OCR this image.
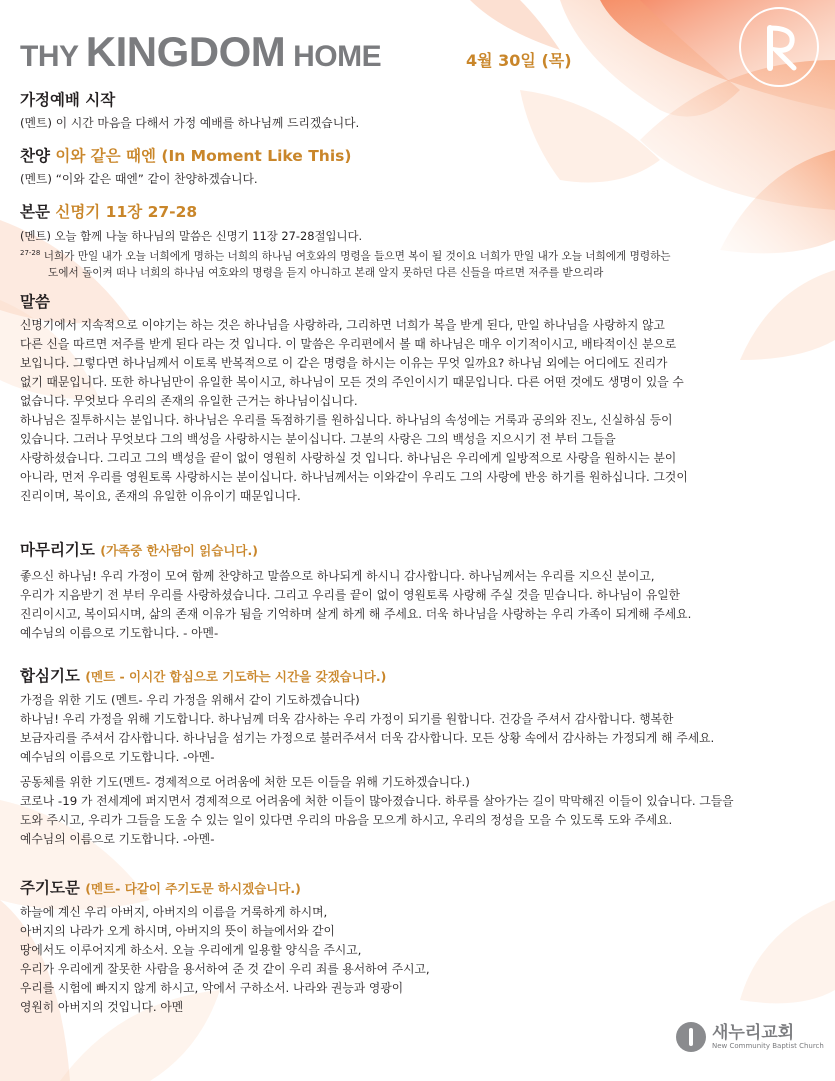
THY KINGDOM HOME	4월 30일 (목)

가정예배 시작

(멘트) 이 시간 마음을 다해서 가정 예배를 하나님께 드리겠습니다.

찬양 이와 같은 때엔 (In Moment Like This)

(멘트) “이와 같은 때엔” 같이 찬양하겠습니다.

본문 신명기 11장 27-28

(멘트) 오늘 함께 나눌 하나님의 말씀은 신명기 11장 27-28절입니다.

$^{27-28}$ 너희가 만일 내가 오늘 너희에게 명하는 너희의 하나님 여호와의 명령을 들으면 복이 될 것이요 너희가 만일 내가 오늘 너희에게 명령하는

도에서 돌이켜 떠나 너희의 하나님 여호와의 명령을 듣지 아니하고 본래 알지 못하던 다른 신들을 따르면 저주를 받으리라

말씀

신명기에서 지속적으로 이야기는 하는 것은 하나님을 사랑하라, 그리하면 너희가 복을 받게 된다, 만일 하나님을 사랑하지 않고

다른 신을 따르면 저주를 받게 된다 라는 것 입니다. 이 말씀은 우리편에서 볼 때 하나님은 매우 이기적이시고, 배타적이신 분으로

보입니다. 그렇다면 하나님께서 이토록 반복적으로 이 같은 명령을 하시는 이유는 무엇 일까요? 하나님 외에는 어디에도 진리가

없기 때문입니다. 또한 하나님만이 유일한 복이시고, 하나님이 모든 것의 주인이시기 때문입니다. 다른 어떤 것에도 생명이 있을 수

없습니다. 무엇보다 우리의 존재의 유일한 근거는 하나님이십니다.

하나님은 질투하시는 분입니다. 하나님은 우리를 독점하기를 원하십니다. 하나님의 속성에는 거룩과 공의와 진노, 신실하심 등이

있습니다. 그러나 무엇보다 그의 백성을 사랑하시는 분이십니다. 그분의 사랑은 그의 백성을 지으시기 전 부터 그들을

사랑하셨습니다. 그리고 그의 백성을 끝이 없이 영원히 사랑하실 것 입니다. 하나님은 우리에게 일방적으로 사랑을 원하시는 분이

아니라, 먼저 우리를 영원토록 사랑하시는 분이십니다. 하나님께서는 이와같이 우리도 그의 사랑에 반응 하기를 원하십니다. 그것이

진리이며, 복이요, 존재의 유일한 이유이기 때문입니다.

마무리기도 (가족중 한사람이 읽습니다.)

좋으신 하나님! 우리 가정이 모여 함께 찬양하고 말씀으로 하나되게 하시니 감사합니다. 하나님께서는 우리를 지으신 분이고,

우리가 지음받기 전 부터 우리를 사랑하셨습니다. 그리고 우리를 끝이 없이 영원토록 사랑해 주실 것을 믿습니다. 하나님이 유일한

진리이시고, 복이되시며, 삶의 존재 이유가 됨을 기억하며 살게 하게 해 주세요. 더욱 하나님을 사랑하는 우리 가족이 되게해 주세요.

예수님의 이름으로 기도합니다. - 아멘-

합심기도 (멘트 - 이시간 합심으로 기도하는 시간을 갖겠습니다.)

가정을 위한 기도 (멘트- 우리 가정을 위해서 같이 기도하겠습니다)

하나님! 우리 가정을 위해 기도합니다. 하나님께 더욱 감사하는 우리 가정이 되기를 원합니다. 건강을 주셔서 감사합니다. 행복한

보금자리를 주셔서 감사합니다. 하나님을 섬기는 가정으로 불러주셔서 더욱 감사합니다. 모든 상황 속에서 감사하는 가정되게 해 주세요.

예수님의 이름으로 기도합니다. -아멘-

공동체를 위한 기도(멘트- 경제적으로 어려움에 처한 모든 이들을 위해 기도하겠습니다.)

코로나 -19 가 전세계에 퍼지면서 경제적으로 어려움에 처한 이들이 많아졌습니다. 하루를 살아가는 길이 막막해진 이들이 있습니다. 그들을

도와 주시고, 우리가 그들을 도울 수 있는 일이 있다면 우리의 마음을 모으게 하시고, 우리의 정성을 모을 수 있도록 도와 주세요.

예수님의 이름으로 기도합니다. -아멘-

주기도문 (멘트- 다같이 주기도문 하시겠습니다.)

하늘에 계신 우리 아버지, 아버지의 이름을 거룩하게 하시며,

아버지의 나라가 오게 하시며, 아버지의 뜻이 하늘에서와 같이

땅에서도 이루어지게 하소서. 오늘 우리에게 일용할 양식을 주시고,

우리가 우리에게 잘못한 사람을 용서하여 준 것 같이 우리 죄를 용서하여 주시고,

우리를 시험에 빠지지 않게 하시고, 악에서 구하소서. 나라와 권능과 영광이

영원히 아버지의 것입니다. 아멘

새누리교회
New Community Baptist Church
